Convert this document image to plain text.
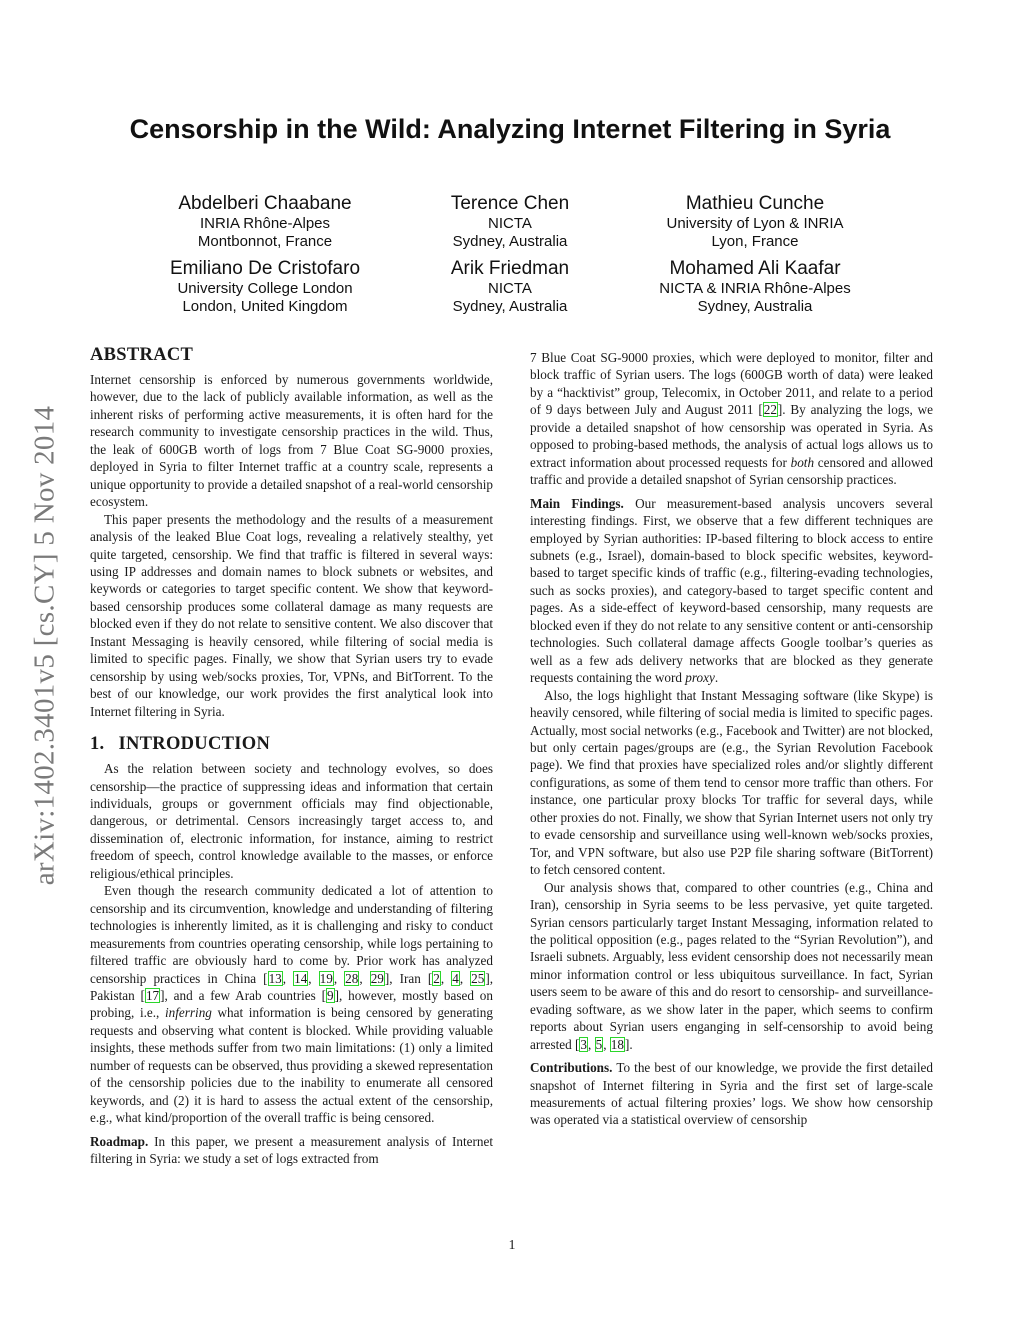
arXiv:1402.3401v5 [cs.CY] 5 Nov 2014
Censorship in the Wild: Analyzing Internet Filtering in Syria
Abdelberi Chaabane
INRIA Rhône-Alpes
Montbonnot, France
Terence Chen
NICTA
Sydney, Australia
Mathieu Cunche
University of Lyon & INRIA
Lyon, France
Emiliano De Cristofaro
University College London
London, United Kingdom
Arik Friedman
NICTA
Sydney, Australia
Mohamed Ali Kaafar
NICTA & INRIA Rhône-Alpes
Sydney, Australia
ABSTRACT

Internet censorship is enforced by numerous governments worldwide, however, due to the lack of publicly available information, as well as the inherent risks of performing active measurements, it is often hard for the research community to investigate censorship practices in the wild. Thus, the leak of 600GB worth of logs from 7 Blue Coat SG-9000 proxies, deployed in Syria to filter Internet traffic at a country scale, represents a unique opportunity to provide a detailed snapshot of a real-world censorship ecosystem.

This paper presents the methodology and the results of a measurement analysis of the leaked Blue Coat logs, revealing a relatively stealthy, yet quite targeted, censorship. We find that traffic is filtered in several ways: using IP addresses and domain names to block subnets or websites, and keywords or categories to target specific content. We show that keyword-based censorship produces some collateral damage as many requests are blocked even if they do not relate to sensitive content. We also discover that Instant Messaging is heavily censored, while filtering of social media is limited to specific pages. Finally, we show that Syrian users try to evade censorship by using web/socks proxies, Tor, VPNs, and BitTorrent. To the best of our knowledge, our work provides the first analytical look into Internet filtering in Syria.

1. INTRODUCTION

As the relation between society and technology evolves, so does censorship—the practice of suppressing ideas and information that certain individuals, groups or government officials may find objectionable, dangerous, or detrimental. Censors increasingly target access to, and dissemination of, electronic information, for instance, aiming to restrict freedom of speech, control knowledge available to the masses, or enforce religious/ethical principles.

Even though the research community dedicated a lot of attention to censorship and its circumvention, knowledge and understanding of filtering technologies is inherently limited, as it is challenging and risky to conduct measurements from countries operating censorship, while logs pertaining to filtered traffic are obviously hard to come by. Prior work has analyzed censorship practices in China [13, 14, 19, 28, 29], Iran [2, 4, 25], Pakistan [17], and a few Arab countries [9], however, mostly based on probing, i.e., inferring what information is being censored by generating requests and observing what content is blocked. While providing valuable insights, these methods suffer from two main limitations: (1) only a limited number of requests can be observed, thus providing a skewed representation of the censorship policies due to the inability to enumerate all censored keywords, and (2) it is hard to assess the actual extent of the censorship, e.g., what kind/proportion of the overall traffic is being censored.

Roadmap. In this paper, we present a measurement analysis of Internet filtering in Syria: we study a set of logs extracted from

7 Blue Coat SG-9000 proxies, which were deployed to monitor, filter and block traffic of Syrian users. The logs (600GB worth of data) were leaked by a “hacktivist” group, Telecomix, in October 2011, and relate to a period of 9 days between July and August 2011 [22]. By analyzing the logs, we provide a detailed snapshot of how censorship was operated in Syria. As opposed to probing-based methods, the analysis of actual logs allows us to extract information about processed requests for both censored and allowed traffic and provide a detailed snapshot of Syrian censorship practices.

Main Findings. Our measurement-based analysis uncovers several interesting findings. First, we observe that a few different techniques are employed by Syrian authorities: IP-based filtering to block access to entire subnets (e.g., Israel), domain-based to block specific websites, keyword-based to target specific kinds of traffic (e.g., filtering-evading technologies, such as socks proxies), and category-based to target specific content and pages. As a side-effect of keyword-based censorship, many requests are blocked even if they do not relate to any sensitive content or anti-censorship technologies. Such collateral damage affects Google toolbar’s queries as well as a few ads delivery networks that are blocked as they generate requests containing the word proxy.

Also, the logs highlight that Instant Messaging software (like Skype) is heavily censored, while filtering of social media is limited to specific pages. Actually, most social networks (e.g., Facebook and Twitter) are not blocked, but only certain pages/groups are (e.g., the Syrian Revolution Facebook page). We find that proxies have specialized roles and/or slightly different configurations, as some of them tend to censor more traffic than others. For instance, one particular proxy blocks Tor traffic for several days, while other proxies do not. Finally, we show that Syrian Internet users not only try to evade censorship and surveillance using well-known web/socks proxies, Tor, and VPN software, but also use P2P file sharing software (BitTorrent) to fetch censored content.

Our analysis shows that, compared to other countries (e.g., China and Iran), censorship in Syria seems to be less pervasive, yet quite targeted. Syrian censors particularly target Instant Messaging, information related to the political opposition (e.g., pages related to the “Syrian Revolution”), and Israeli subnets. Arguably, less evident censorship does not necessarily mean minor information control or less ubiquitous surveillance. In fact, Syrian users seem to be aware of this and do resort to censorship- and surveillance-evading software, as we show later in the paper, which seems to confirm reports about Syrian users enganging in self-censorship to avoid being arrested [3, 5, 18].

Contributions. To the best of our knowledge, we provide the first detailed snapshot of Internet filtering in Syria and the first set of large-scale measurements of actual filtering proxies’ logs. We show how censorship was operated via a statistical overview of censorship

1
